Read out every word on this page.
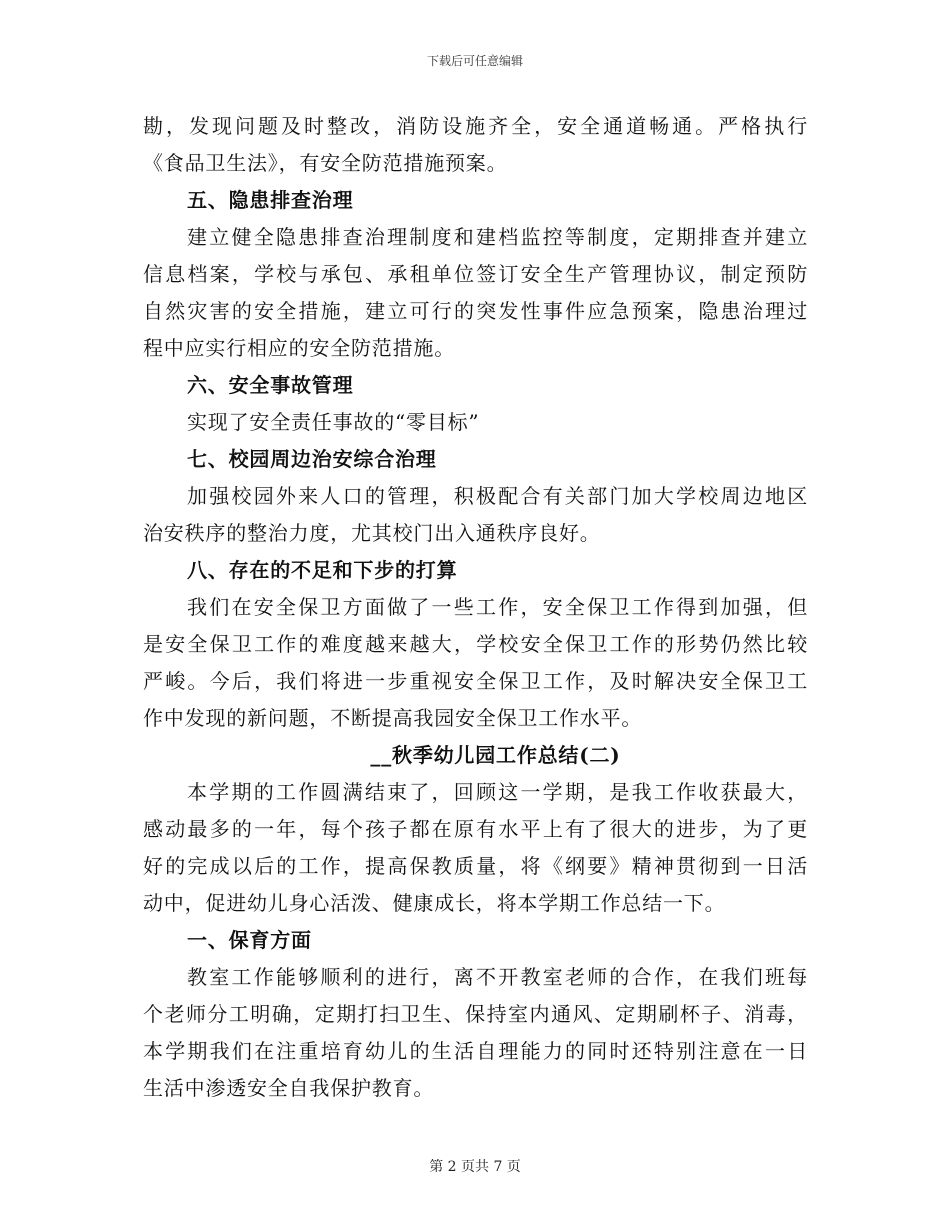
下载后可任意编辑
勘，发现问题及时整改，消防设施齐全，安全通道畅通。严格执行
《食品卫生法》，有安全防范措施预案。
五、隐患排查治理
建立健全隐患排查治理制度和建档监控等制度，定期排查并建立
信息档案，学校与承包、承租单位签订安全生产管理协议，制定预防
自然灾害的安全措施，建立可行的突发性事件应急预案，隐患治理过
程中应实行相应的安全防范措施。
六、安全事故管理
实现了安全责任事故的“零目标”
七、校园周边治安综合治理
加强校园外来人口的管理，积极配合有关部门加大学校周边地区
治安秩序的整治力度，尤其校门出入通秩序良好。
八、存在的不足和下步的打算
我们在安全保卫方面做了一些工作，安全保卫工作得到加强，但
是安全保卫工作的难度越来越大，学校安全保卫工作的形势仍然比较
严峻。今后，我们将进一步重视安全保卫工作，及时解决安全保卫工
作中发现的新问题，不断提高我园安全保卫工作水平。
__秋季幼儿园工作总结(二)
本学期的工作圆满结束了，回顾这一学期，是我工作收获最大，
感动最多的一年，每个孩子都在原有水平上有了很大的进步，为了更
好的完成以后的工作，提高保教质量，将《纲要》精神贯彻到一日活
动中，促进幼儿身心活泼、健康成长，将本学期工作总结一下。
一、保育方面
教室工作能够顺利的进行，离不开教室老师的合作，在我们班每
个老师分工明确，定期打扫卫生、保持室内通风、定期刷杯子、消毒，
本学期我们在注重培育幼儿的生活自理能力的同时还特别注意在一日
生活中渗透安全自我保护教育。
第 2 页共 7 页
